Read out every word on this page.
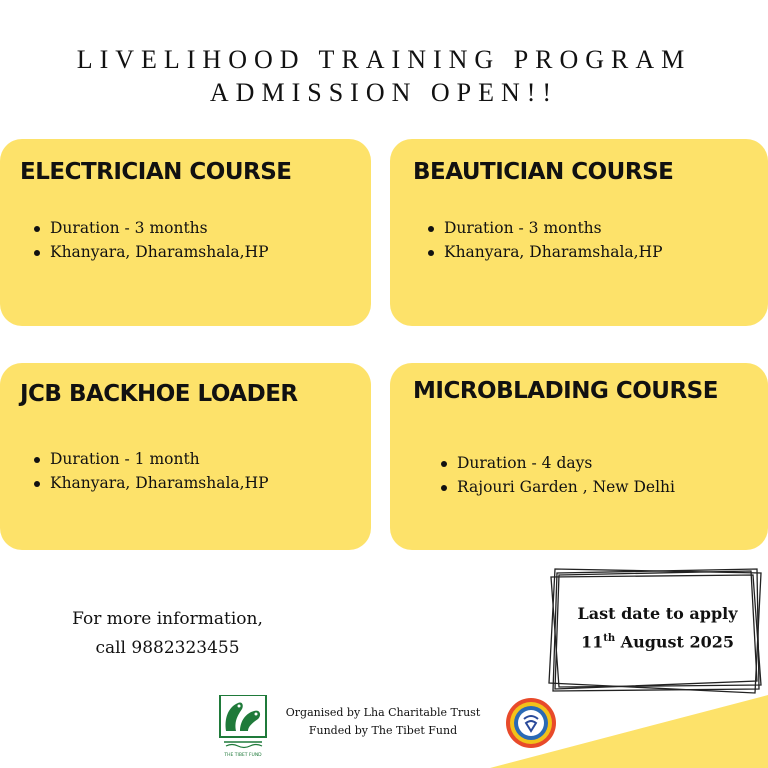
LIVELIHOOD TRAINING PROGRAM
ADMISSION OPEN!!
ELECTRICIAN COURSE
Duration - 3 months
Khanyara, Dharamshala,HP
BEAUTICIAN COURSE
Duration - 3 months
Khanyara, Dharamshala,HP
JCB BACKHOE LOADER
Duration - 1 month
Khanyara, Dharamshala,HP
MICROBLADING COURSE
Duration - 4 days
Rajouri Garden , New Delhi
For more information,
call 9882323455
Last date to apply
11th August 2025
THE TIBET FUND
Organised by Lha Charitable Trust
Funded by The Tibet Fund
